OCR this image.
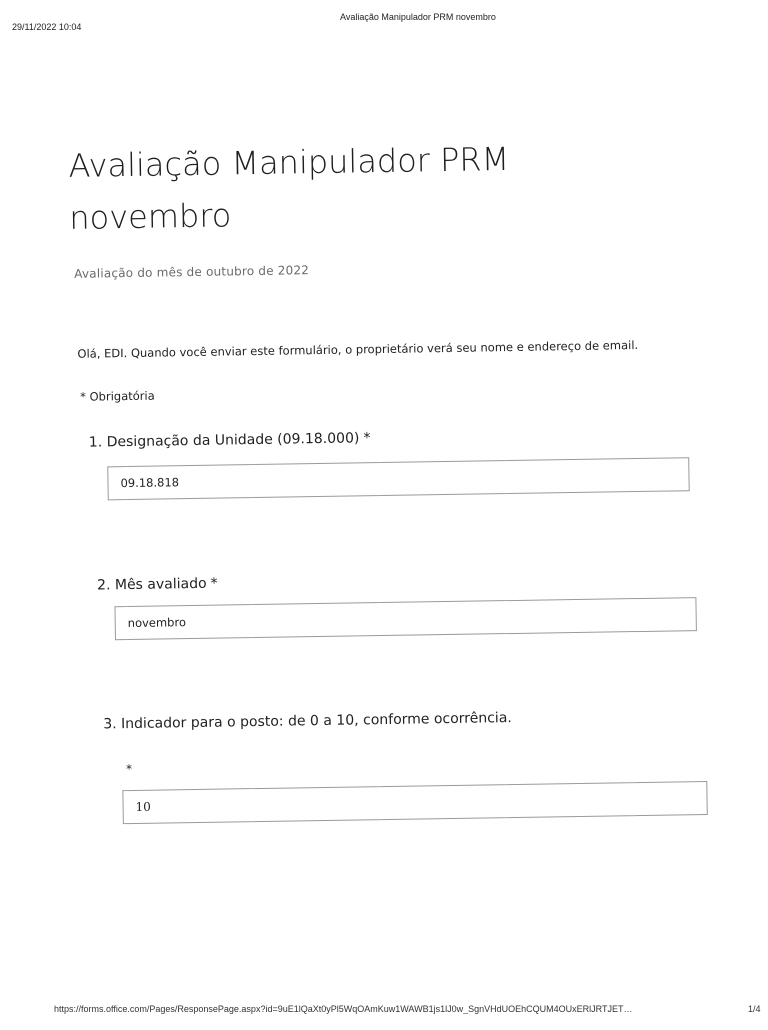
29/11/2022 10:04
Avaliação Manipulador PRM novembro
Avaliação Manipulador PRM novembro
Avaliação do mês de outubro de 2022
Olá, EDI. Quando você enviar este formulário, o proprietário verá seu nome e endereço de email.
* Obrigatória
1. Designação da Unidade (09.18.000) *
09.18.818
2. Mês avaliado *
novembro
3. Indicador para o posto: de 0 a 10, conforme ocorrência.
*
10
https://forms.office.com/Pages/ResponsePage.aspx?id=9uE1lQaXt0yPl5WqOAmKuw1WAWB1js1lJ0w_SgnVHdUOEhCQUM4OUxERlJRTJET…	1/4
